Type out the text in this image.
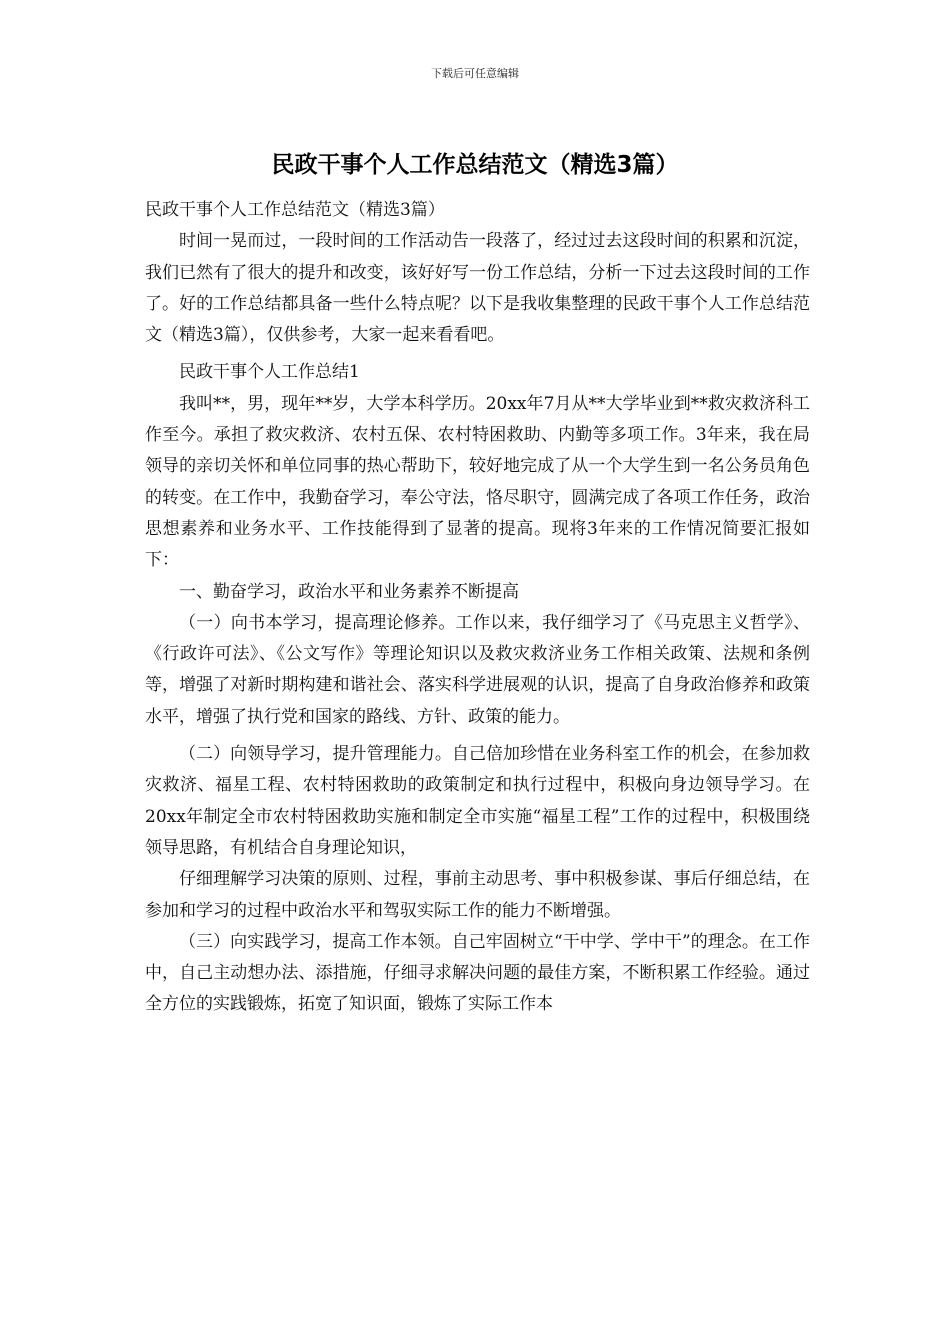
下载后可任意编辑
民政干事个人工作总结范文（精选3篇）

民政干事个人工作总结范文（精选3篇）

时间一晃而过，一段时间的工作活动告一段落了，经过过去这段时间的积累和沉淀，我们已然有了很大的提升和改变，该好好写一份工作总结，分析一下过去这段时间的工作了。好的工作总结都具备一些什么特点呢？以下是我收集整理的民政干事个人工作总结范文（精选3篇），仅供参考，大家一起来看看吧。

民政干事个人工作总结1

我叫**，男，现年**岁，大学本科学历。20xx年7月从**大学毕业到**救灾救济科工作至今。承担了救灾救济、农村五保、农村特困救助、内勤等多项工作。3年来，我在局领导的亲切关怀和单位同事的热心帮助下，较好地完成了从一个大学生到一名公务员角色的转变。在工作中，我勤奋学习，奉公守法，恪尽职守，圆满完成了各项工作任务，政治思想素养和业务水平、工作技能得到了显著的提高。现将3年来的工作情况简要汇报如下：

一、勤奋学习，政治水平和业务素养不断提高

（一）向书本学习，提高理论修养。工作以来，我仔细学习了《马克思主义哲学》、《行政许可法》、《公文写作》等理论知识以及救灾救济业务工作相关政策、法规和条例等，增强了对新时期构建和谐社会、落实科学进展观的认识，提高了自身政治修养和政策水平，增强了执行党和国家的路线、方针、政策的能力。

（二）向领导学习，提升管理能力。自己倍加珍惜在业务科室工作的机会，在参加救灾救济、福星工程、农村特困救助的政策制定和执行过程中，积极向身边领导学习。在20xx年制定全市农村特困救助实施和制定全市实施“福星工程”工作的过程中，积极围绕领导思路，有机结合自身理论知识，

仔细理解学习决策的原则、过程，事前主动思考、事中积极参谋、事后仔细总结，在参加和学习的过程中政治水平和驾驭实际工作的能力不断增强。

（三）向实践学习，提高工作本领。自己牢固树立“干中学、学中干”的理念。在工作中，自己主动想办法、添措施，仔细寻求解决问题的最佳方案，不断积累工作经验。通过全方位的实践锻炼，拓宽了知识面，锻炼了实际工作本
